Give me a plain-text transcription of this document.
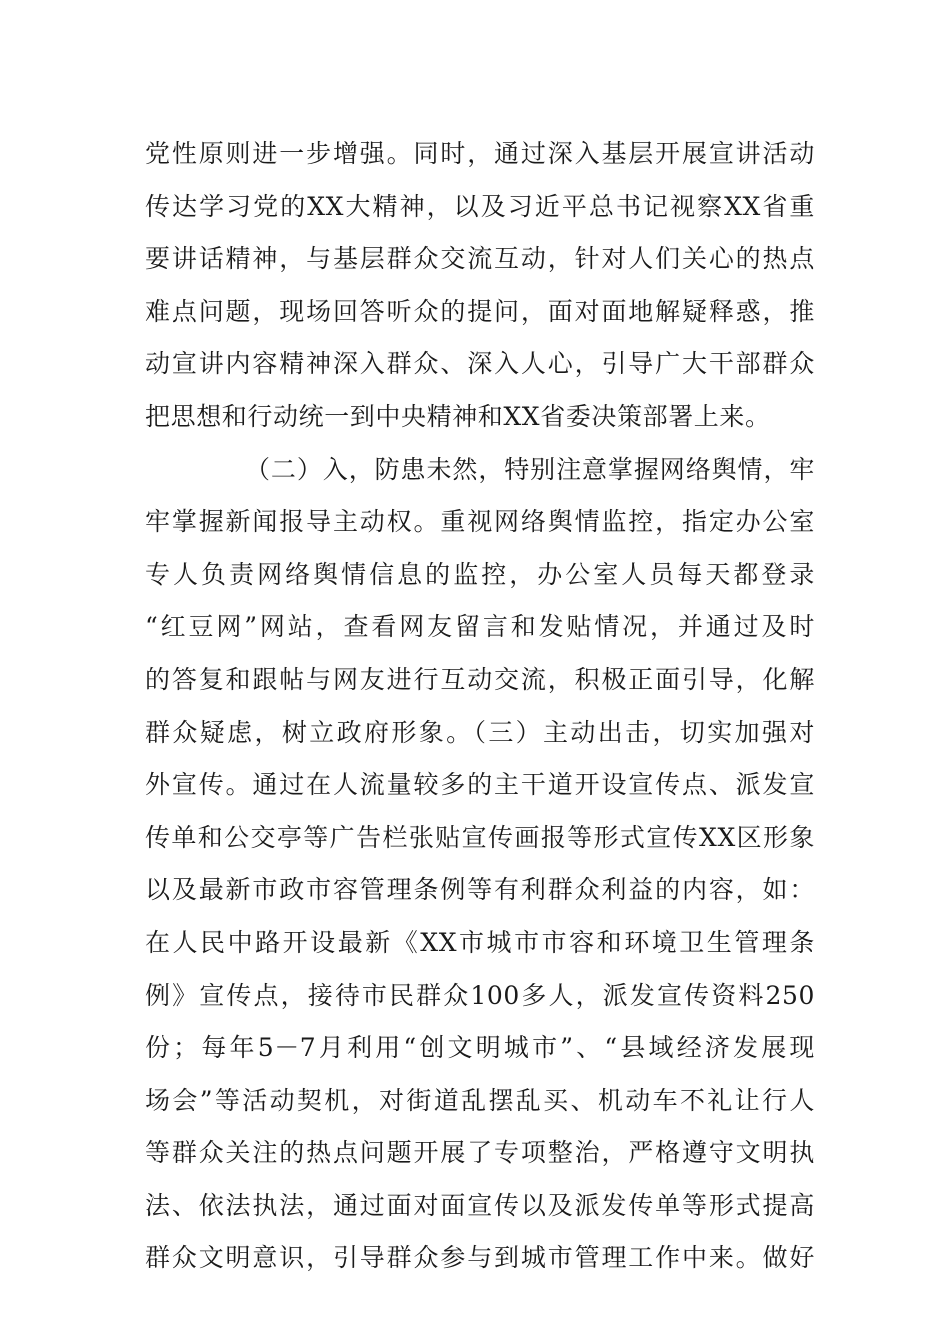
党性原则进一步增强。同时，通过深入基层开展宣讲活动
传达学习党的XX大精神，以及习近平总书记视察XX省重
要讲话精神，与基层群众交流互动，针对人们关心的热点
难点问题，现场回答听众的提问，面对面地解疑释惑，推
动宣讲内容精神深入群众、深入人心，引导广大干部群众
把思想和行动统一到中央精神和XX省委决策部署上来。
（二）入，防患未然，特别注意掌握网络舆情，牢
牢掌握新闻报导主动权。重视网络舆情监控，指定办公室
专人负责网络舆情信息的监控，办公室人员每天都登录
“红豆网”网站，查看网友留言和发贴情况，并通过及时
的答复和跟帖与网友进行互动交流，积极正面引导，化解
群众疑虑，树立政府形象。（三）主动出击，切实加强对
外宣传。通过在人流量较多的主干道开设宣传点、派发宣
传单和公交亭等广告栏张贴宣传画报等形式宣传XX区形象
以及最新市政市容管理条例等有利群众利益的内容，如：
在人民中路开设最新《XX市城市市容和环境卫生管理条
例》宣传点，接待市民群众100多人，派发宣传资料250
份；每年5－7月利用“创文明城市”、“县域经济发展现
场会”等活动契机，对街道乱摆乱买、机动车不礼让行人
等群众关注的热点问题开展了专项整治，严格遵守文明执
法、依法执法，通过面对面宣传以及派发传单等形式提高
群众文明意识，引导群众参与到城市管理工作中来。做好
